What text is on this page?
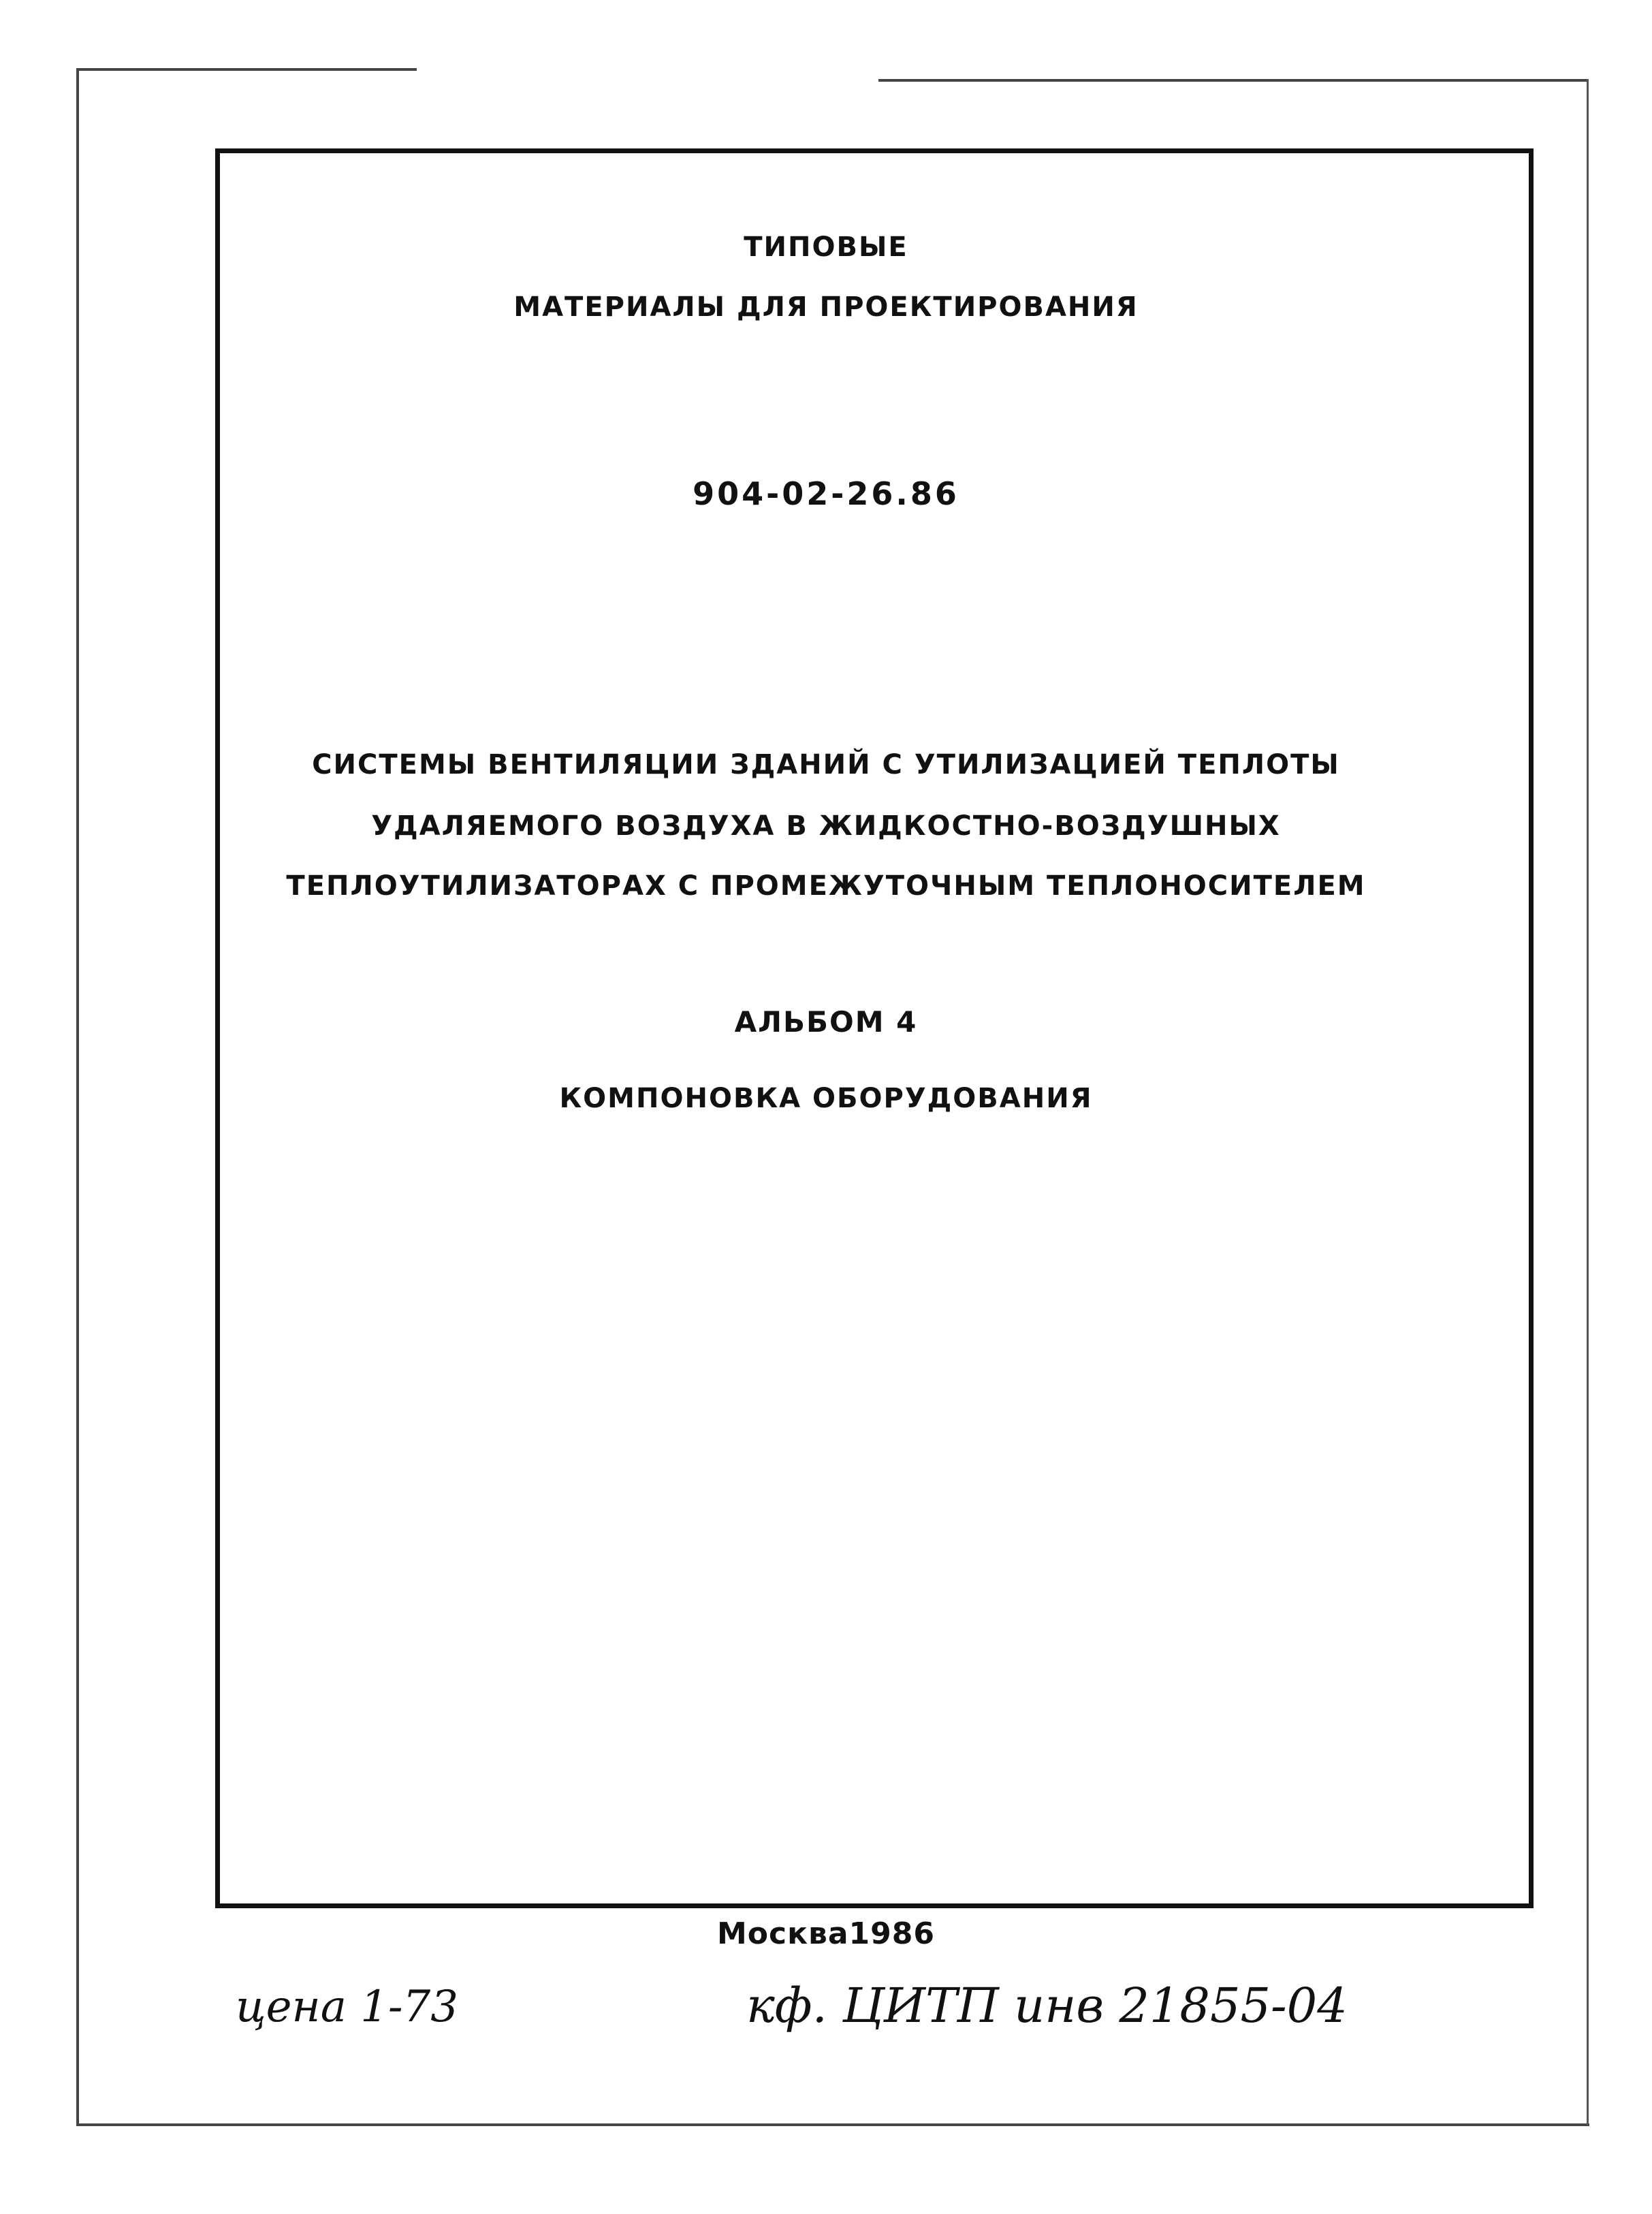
ТИПОВЫЕ
МАТЕРИАЛЫ ДЛЯ ПРОЕКТИРОВАНИЯ
904-02-26.86
СИСТЕМЫ ВЕНТИЛЯЦИИ ЗДАНИЙ С УТИЛИЗАЦИЕЙ ТЕПЛОТЫ
УДАЛЯЕМОГО ВОЗДУХА В ЖИДКОСТНО-ВОЗДУШНЫХ
ТЕПЛОУТИЛИЗАТОРАХ С ПРОМЕЖУТОЧНЫМ ТЕПЛОНОСИТЕЛЕМ
АЛЬБОМ 4
КОМПОНОВКА ОБОРУДОВАНИЯ
Москва1986
цена 1-73	кф. ЦИТП инв 21855-04
